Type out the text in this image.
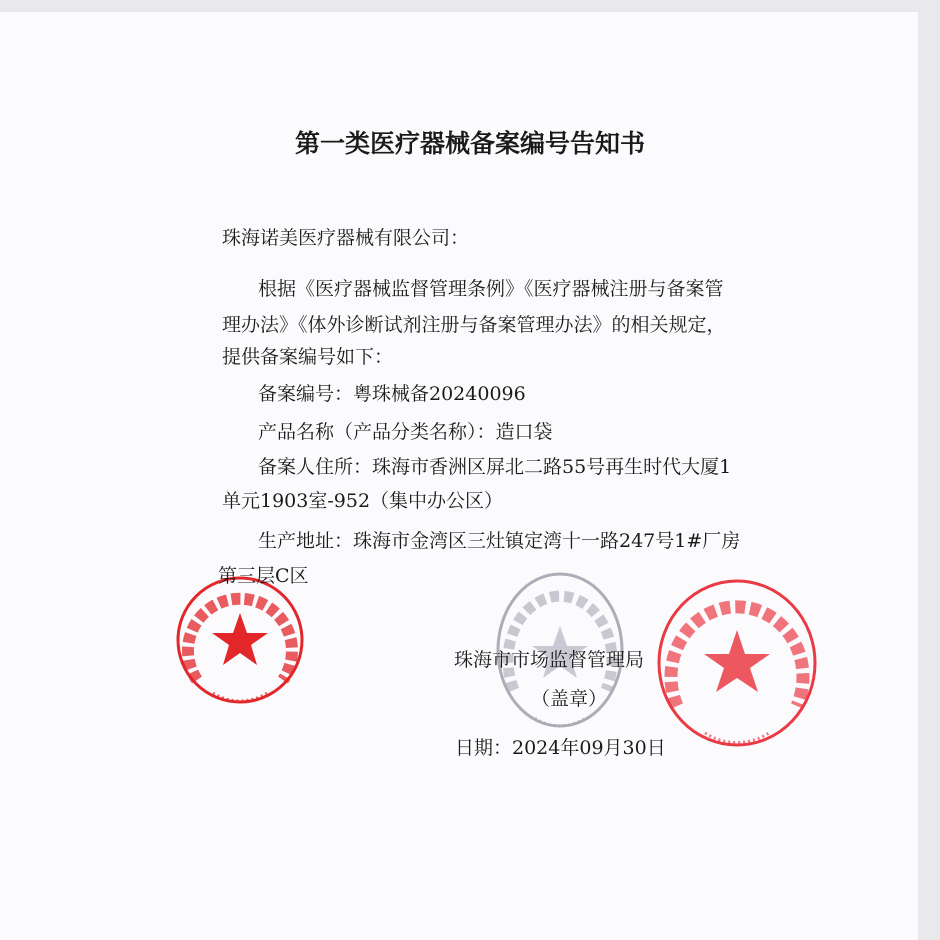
第一类医疗器械备案编号告知书
珠海诺美医疗器械有限公司：
根据《医疗器械监督管理条例》《医疗器械注册与备案管
理办法》《体外诊断试剂注册与备案管理办法》的相关规定，
提供备案编号如下：
备案编号：粤珠械备20240096
产品名称（产品分类名称）：造口袋
备案人住所：珠海市香洲区屏北二路55号再生时代大厦1
单元1903室-952（集中办公区）
生产地址：珠海市金湾区三灶镇定湾十一路247号1#厂房
第三层C区
珠海市市场监督管理局
（盖章）
日期：2024年09月30日
